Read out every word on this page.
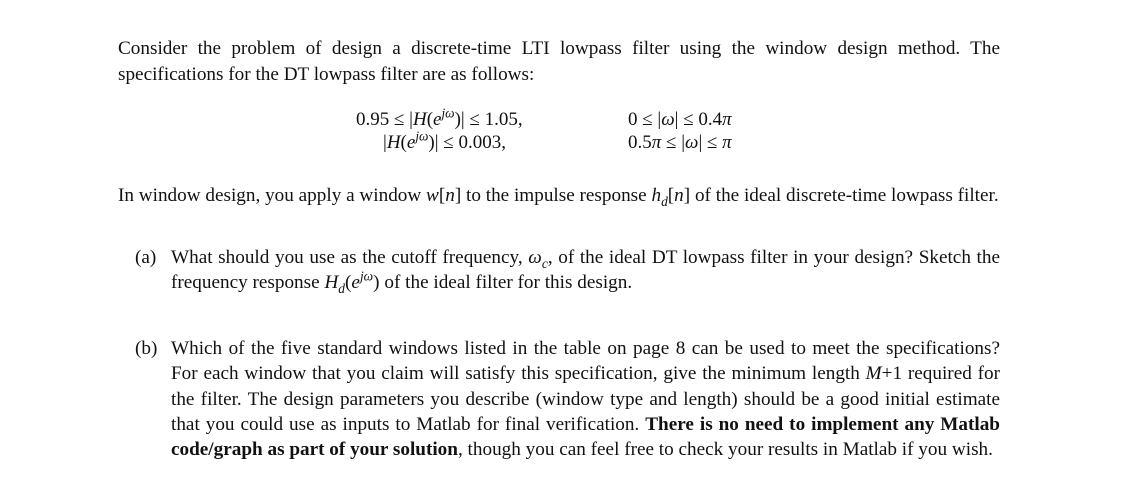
Consider the problem of design a discrete-time LTI lowpass filter using the window design method. The specifications for the DT lowpass filter are as follows:

$0.95 \le |H(e^{j\omega})| \le 1.05$,
$|H(e^{j\omega})| \le 0.003$,
0 ≤ |ω| ≤ 0.4π
0.5π ≤ |ω| ≤ π

In window design, you apply a window w[n] to the impulse response $h_d[n]$ of the ideal discrete-time lowpass filter.

(a) What should you use as the cutoff frequency, $\omega_c$, of the ideal DT lowpass filter in your design? Sketch the frequency response $H_d(e^{j\omega})$ of the ideal filter for this design.

(b) Which of the five standard windows listed in the table on page 8 can be used to meet the specifications? For each window that you claim will satisfy this specification, give the minimum length M+1 required for the filter. The design parameters you describe (window type and length) should be a good initial estimate that you could use as inputs to Matlab for final verification. There is no need to implement any Matlab code/graph as part of your solution, though you can feel free to check your results in Matlab if you wish.
